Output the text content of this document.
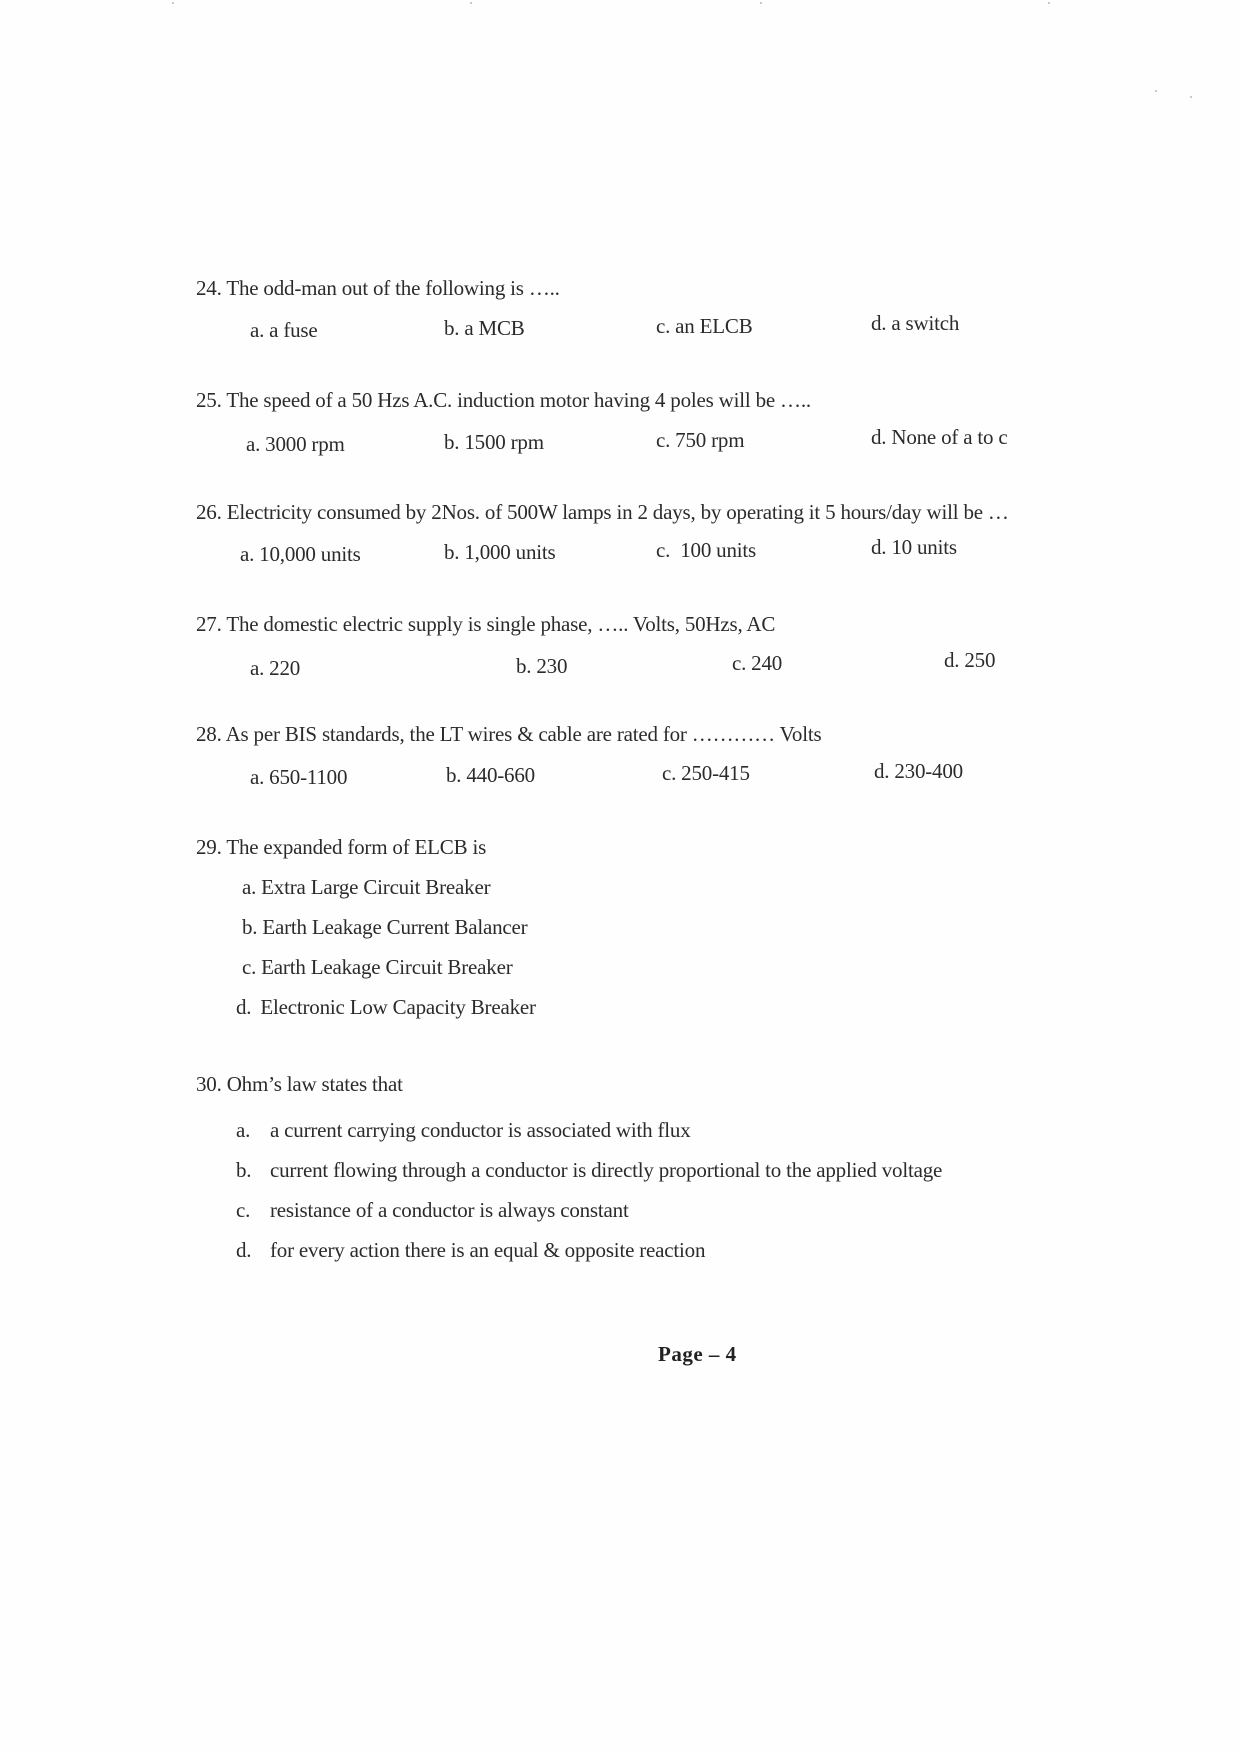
24. The odd-man out of the following is …..
a. a fuse	b. a MCB	c. an ELCB	d. a switch
25. The speed of a 50 Hzs A.C. induction motor having 4 poles will be …..
a. 3000 rpm	b. 1500 rpm	c. 750 rpm	d. None of a to c
26. Electricity consumed by 2Nos. of 500W lamps in 2 days, by operating it 5 hours/day will be …
a. 10,000 units	b. 1,000 units	c. 100 units	d. 10 units
27. The domestic electric supply is single phase, ….. Volts, 50Hzs, AC
a. 220	b. 230	c. 240	d. 250
28. As per BIS standards, the LT wires & cable are rated for ………… Volts
a. 650-1100	b. 440-660	c. 250-415	d. 230-400
29. The expanded form of ELCB is
a. Extra Large Circuit Breaker
b. Earth Leakage Current Balancer
c. Earth Leakage Circuit Breaker
d. Electronic Low Capacity Breaker
30. Ohm’s law states that
a. a current carrying conductor is associated with flux
b. current flowing through a conductor is directly proportional to the applied voltage
c. resistance of a conductor is always constant
d. for every action there is an equal & opposite reaction
Page – 4
